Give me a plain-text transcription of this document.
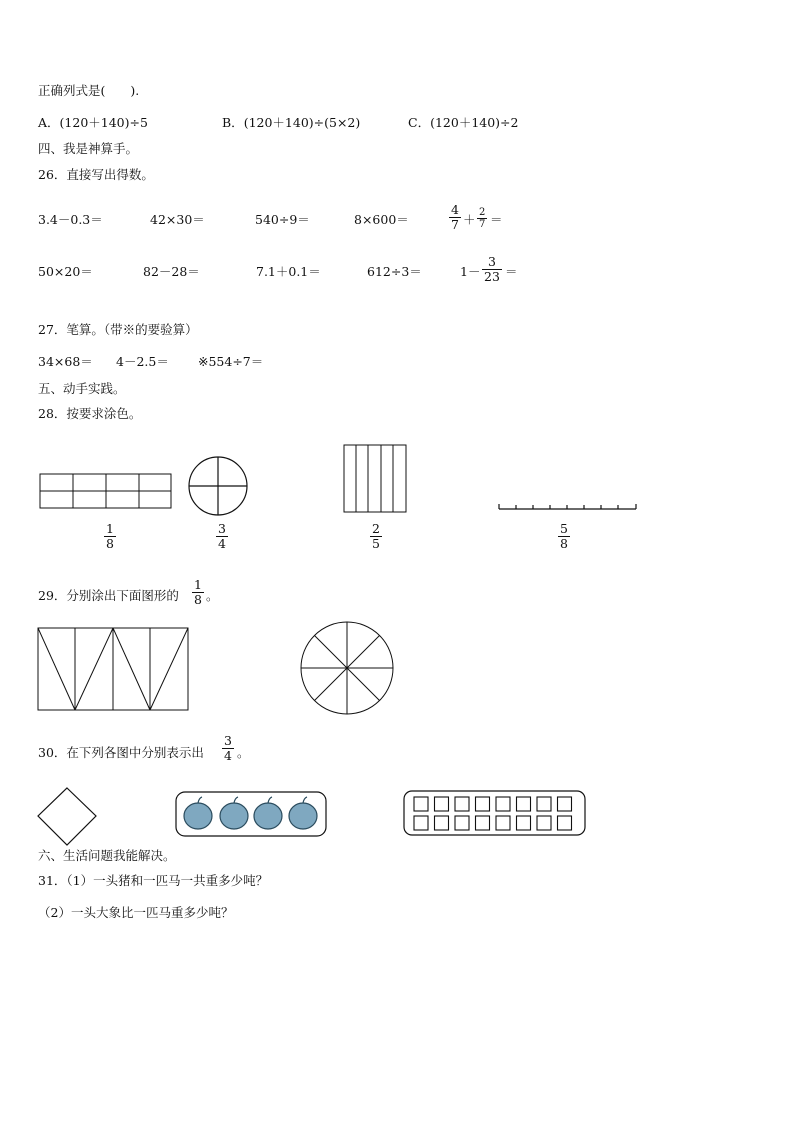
正确列式是(　　).
A．(120＋140)÷5	B．(120＋140)÷(5×2)	C．(120＋140)÷2
四、我是神算手。
26．直接写出得数。
3.4－0.3＝	42×30＝	540÷9＝	8×600＝
4
7 ＋ 2
7 ＝
50×20＝	82－28＝	7.1＋0.1＝	612÷3＝	1－
3
23 ＝
27．笔算。（带※的要验算）
34×68＝ 4－2.5＝ ※554÷7＝
五、动手实践。
28．按要求涂色。
1
8
3
4
2
5
5
8
29．分别涂出下面图形的
1
8 。
30．在下列各图中分别表示出
3
4 。
六、生活问题我能解决。
31．（1）一头猪和一匹马一共重多少吨？
（2）一头大象比一匹马重多少吨？
